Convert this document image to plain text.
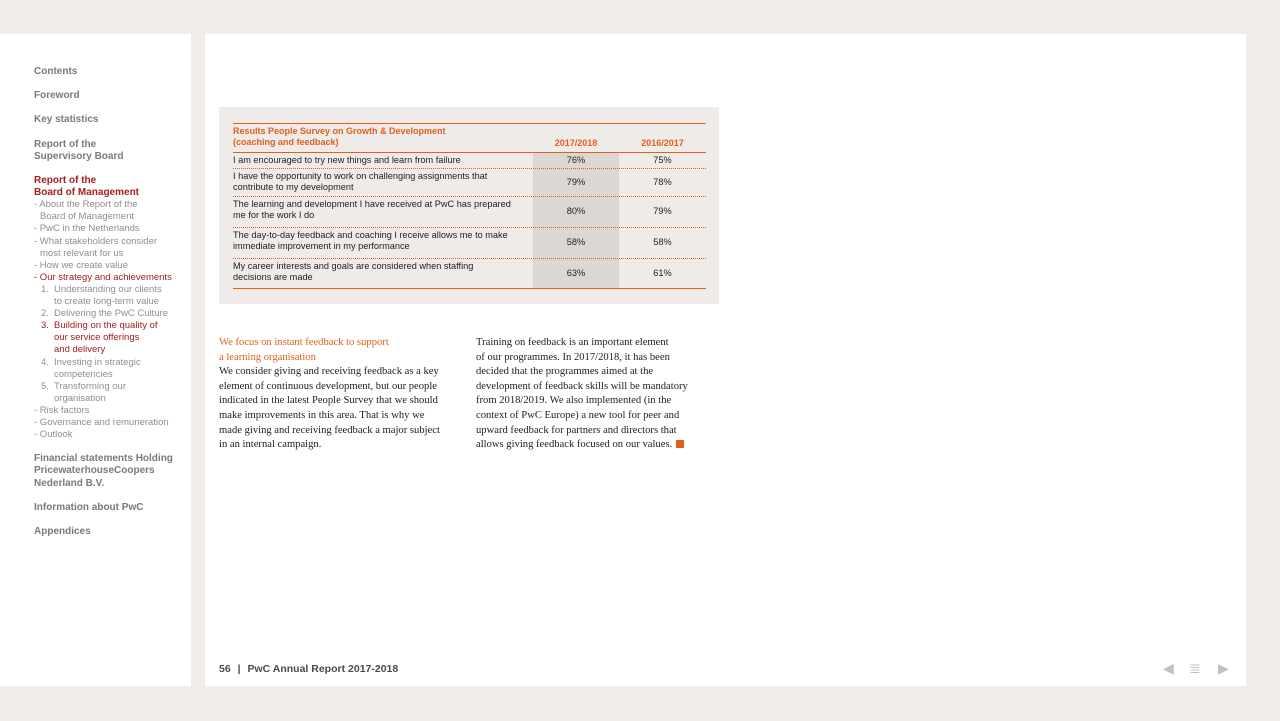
Contents
Foreword
Key statistics
Report of the
Supervisory Board
Report of the
Board of Management
- About the Report of the
Board of Management
- PwC in the Netherlands
- What stakeholders consider
most relevant for us
- How we create value
- Our strategy and achievements
1. Understanding our clients
to create long-term value
2. Delivering the PwC Culture
3. Building on the quality of
our service offerings
and delivery
4. Investing in strategic
competencies
5. Transforming our
organisation
- Risk factors
- Governance and remuneration
- Outlook
Financial statements Holding
PricewaterhouseCoopers
Nederland B.V.
Information about PwC
Appendices
Results People Survey on Growth & Development
(coaching and feedback)	2017/2018	2016/2017
I am encouraged to try new things and learn from failure	76%	75%
I have the opportunity to work on challenging assignments that
contribute to my development	79%	78%
The learning and development I have received at PwC has prepared
me for the work I do	80%	79%
The day-to-day feedback and coaching I receive allows me to make
immediate improvement in my performance	58%	58%
My career interests and goals are considered when staffing
decisions are made	63%	61%
We focus on instant feedback to support
a learning organisation
We consider giving and receiving feedback as a key
element of continuous development, but our people
indicated in the latest People Survey that we should
make improvements in this area. That is why we
made giving and receiving feedback a major subject
in an internal campaign.
Training on feedback is an important element
of our programmes. In 2017/2018, it has been
decided that the programmes aimed at the
development of feedback skills will be mandatory
from 2018/2019. We also implemented (in the
context of PwC Europe) a new tool for peer and
upward feedback for partners and directors that
allows giving feedback focused on our values.
56 | PwC Annual Report 2017-2018	◀ ≣ ▶
